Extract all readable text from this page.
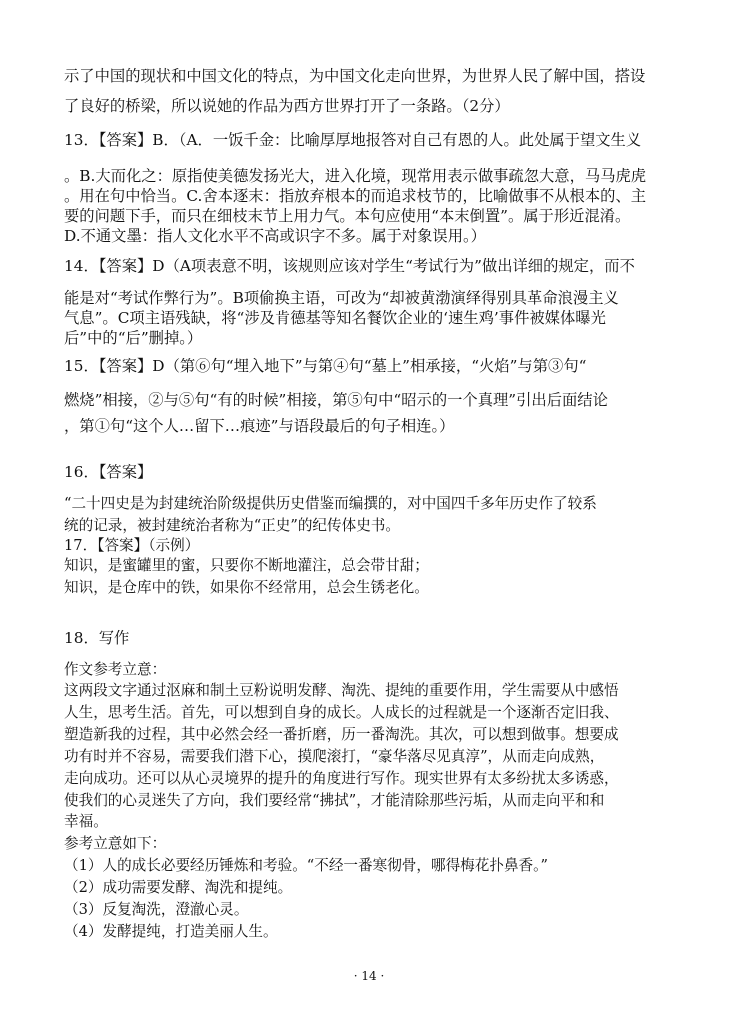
示了中国的现状和中国文化的特点，为中国文化走向世界，为世界人民了解中国，搭设
了良好的桥梁，所以说她的作品为西方世界打开了一条路。（2分）
13．【答案】B．（A．一饭千金：比喻厚厚地报答对自己有恩的人。此处属于望文生义
。B.大而化之：原指使美德发扬光大，进入化境，现常用表示做事疏忽大意，马马虎虎
。用在句中恰当。C.舍本逐末：指放弃根本的而追求枝节的，比喻做事不从根本的、主
要的问题下手，而只在细枝末节上用力气。本句应使用“本末倒置”。属于形近混淆。
D.不通文墨：指人文化水平不高或识字不多。属于对象误用。）
14．【答案】D（A项表意不明，该规则应该对学生“考试行为”做出详细的规定，而不
能是对“考试作弊行为”。B项偷换主语，可改为“却被黄渤演绎得别具革命浪漫主义
气息”。C项主语残缺，将“涉及肯德基等知名餐饮企业的‘速生鸡’事件被媒体曝光
后”中的“后”删掉。）
15．【答案】D（第⑥句“埋入地下”与第④句“墓上”相承接，“火焰”与第③句“
燃烧”相接，②与⑤句“有的时候”相接，第⑤句中“昭示的一个真理”引出后面结论
，第①句“这个人…留下…痕迹”与语段最后的句子相连。）
16．【答案】
“二十四史是为封建统治阶级提供历史借鉴而编撰的，对中国四千多年历史作了较系
统的记录，被封建统治者称为“正史”的纪传体史书。
17．【答案】（示例）
知识，是蜜罐里的蜜，只要你不断地灌注，总会带甘甜；
知识，是仓库中的铁，如果你不经常用，总会生锈老化。
18．写作
作文参考立意：
这两段文字通过沤麻和制土豆粉说明发酵、淘洗、提纯的重要作用，学生需要从中感悟
人生，思考生活。首先，可以想到自身的成长。人成长的过程就是一个逐渐否定旧我、
塑造新我的过程，其中必然会经一番折磨，历一番淘洗。其次，可以想到做事。想要成
功有时并不容易，需要我们潜下心，摸爬滚打，“豪华落尽见真淳”，从而走向成熟，
走向成功。还可以从心灵境界的提升的角度进行写作。现实世界有太多纷扰太多诱惑，
使我们的心灵迷失了方向，我们要经常“拂拭”，才能清除那些污垢，从而走向平和和
幸福。
参考立意如下：
（1）人的成长必要经历锤炼和考验。“不经一番寒彻骨，哪得梅花扑鼻香。”
（2）成功需要发酵、淘洗和提纯。
（3）反复淘洗，澄澈心灵。
（4）发酵提纯，打造美丽人生。
· 14 ·
